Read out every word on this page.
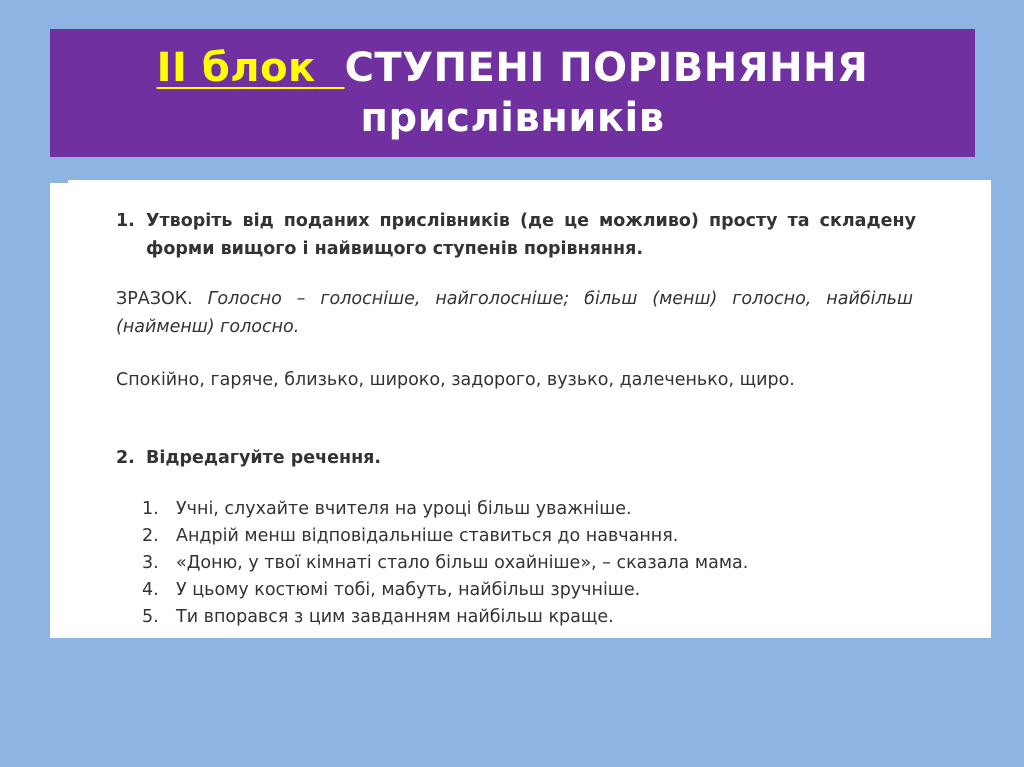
II блок СТУПЕНІ ПОРІВНЯННЯ
прислівників
1. Утворіть від поданих прислівників (де це можливо) просту та складену форми вищого і найвищого ступенів порівняння.
ЗРАЗОК. Голосно – голосніше, найголосніше; більш (менш) голосно, найбільш (найменш) голосно.
Спокійно, гаряче, близько, широко, задорого, вузько, далеченько, щиро.
2. Відредагуйте речення.
1. Учні, слухайте вчителя на уроці більш уважніше.
2. Андрій менш відповідальніше ставиться до навчання.
3. «Доню, у твої кімнаті стало більш охайніше», – сказала мама.
4. У цьому костюмі тобі, мабуть, найбільш зручніше.
5. Ти впорався з цим завданням найбільш краще.
